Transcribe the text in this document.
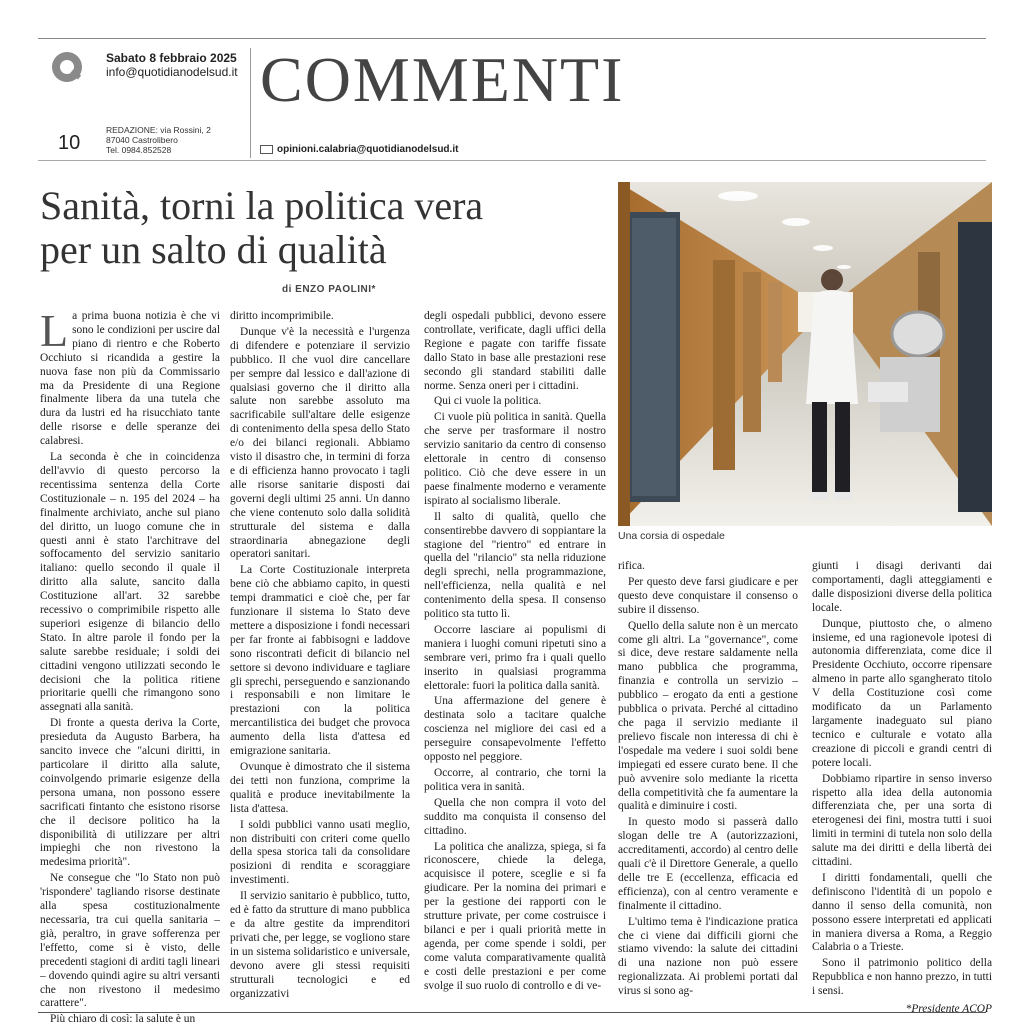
Sabato 8 febbraio 2025
info@quotidianodelsud.it
10
REDAZIONE: via Rossini, 2
87040 Castrolibero
Tel. 0984.852528
COMMENTI
opinioni.calabria@quotidianodelsud.it
Sanità, torni la politica vera
per un salto di qualità
di ENZO PAOLINI*
Una corsia di ospedale

La prima buona notizia è che vi sono le condizioni per uscire dal piano di rientro e che Roberto Occhiuto si ricandida a gestire la nuova fase non più da Commissario ma da Presidente di una Regione finalmente libera da una tutela che dura da lustri ed ha risucchiato tante delle risorse e delle speranze dei calabresi.

La seconda è che in coincidenza dell'avvio di questo percorso la recentissima sentenza della Corte Costituzionale – n. 195 del 2024 – ha finalmente archiviato, anche sul piano del diritto, un luogo comune che in questi anni è stato l'architrave del soffocamento del servizio sanitario italiano: quello secondo il quale il diritto alla salute, sancito dalla Costituzione all'art. 32 sarebbe recessivo o comprimibile rispetto alle superiori esigenze di bilancio dello Stato. In altre parole il fondo per la salute sarebbe residuale; i soldi dei cittadini vengono utilizzati secondo le decisioni che la politica ritiene prioritarie quelli che rimangono sono assegnati alla sanità.

Di fronte a questa deriva la Corte, presieduta da Augusto Barbera, ha sancito invece che "alcuni diritti, in particolare il diritto alla salute, coinvolgendo primarie esigenze della persona umana, non possono essere sacrificati fintanto che esistono risorse che il decisore politico ha la disponibilità di utilizzare per altri impieghi che non rivestono la medesima priorità".

Ne consegue che "lo Stato non può 'rispondere' tagliando risorse destinate alla spesa costituzionalmente necessaria, tra cui quella sanitaria – già, peraltro, in grave sofferenza per l'effetto, come si è visto, delle precedenti stagioni di arditi tagli lineari – dovendo quindi agire su altri versanti che non rivestono il medesimo carattere".

Più chiaro di così: la salute è un

diritto incomprimibile.

Dunque v'è la necessità e l'urgenza di difendere e potenziare il servizio pubblico. Il che vuol dire cancellare per sempre dal lessico e dall'azione di qualsiasi governo che il diritto alla salute non sarebbe assoluto ma sacrificabile sull'altare delle esigenze di contenimento della spesa dello Stato e/o dei bilanci regionali. Abbiamo visto il disastro che, in termini di forza e di efficienza hanno provocato i tagli alle risorse sanitarie disposti dai governi degli ultimi 25 anni. Un danno che viene contenuto solo dalla solidità strutturale del sistema e dalla straordinaria abnegazione degli operatori sanitari.

La Corte Costituzionale interpreta bene ciò che abbiamo capito, in questi tempi drammatici e cioè che, per far funzionare il sistema lo Stato deve mettere a disposizione i fondi necessari per far fronte ai fabbisogni e laddove sono riscontrati deficit di bilancio nel settore si devono individuare e tagliare gli sprechi, perseguendo e sanzionando i responsabili e non limitare le prestazioni con la politica mercantilistica dei budget che provoca aumento della lista d'attesa ed emigrazione sanitaria.

Ovunque è dimostrato che il sistema dei tetti non funziona, comprime la qualità e produce inevitabilmente la lista d'attesa.

I soldi pubblici vanno usati meglio, non distribuiti con criteri come quello della spesa storica tali da consolidare posizioni di rendita e scoraggiare investimenti.

Il servizio sanitario è pubblico, tutto, ed è fatto da strutture di mano pubblica e da altre gestite da imprenditori privati che, per legge, se vogliono stare in un sistema solidaristico e universale, devono avere gli stessi requisiti strutturali tecnologici e ed organizzativi

degli ospedali pubblici, devono essere controllate, verificate, dagli uffici della Regione e pagate con tariffe fissate dallo Stato in base alle prestazioni rese secondo gli standard stabiliti dalle norme. Senza oneri per i cittadini.

Qui ci vuole la politica.

Ci vuole più politica in sanità. Quella che serve per trasformare il nostro servizio sanitario da centro di consenso elettorale in centro di consenso politico. Ciò che deve essere in un paese finalmente moderno e veramente ispirato al socialismo liberale.

Il salto di qualità, quello che consentirebbe davvero di soppiantare la stagione del "rientro" ed entrare in quella del "rilancio" sta nella riduzione degli sprechi, nella programmazione, nell'efficienza, nella qualità e nel contenimento della spesa. Il consenso politico sta tutto lì.

Occorre lasciare ai populismi di maniera i luoghi comuni ripetuti sino a sembrare veri, primo fra i quali quello inserito in qualsiasi programma elettorale: fuori la politica dalla sanità.

Una affermazione del genere è destinata solo a tacitare qualche coscienza nel migliore dei casi ed a perseguire consapevolmente l'effetto opposto nel peggiore.

Occorre, al contrario, che torni la politica vera in sanità.

Quella che non compra il voto del suddito ma conquista il consenso del cittadino.

La politica che analizza, spiega, si fa riconoscere, chiede la delega, acquisisce il potere, sceglie e si fa giudicare. Per la nomina dei primari e per la gestione dei rapporti con le strutture private, per come costruisce i bilanci e per i quali priorità mette in agenda, per come spende i soldi, per come valuta comparativamente qualità e costi delle prestazioni e per come svolge il suo ruolo di controllo e di ve-

rifica.

Per questo deve farsi giudicare e per questo deve conquistare il consenso o subire il dissenso.

Quello della salute non è un mercato come gli altri. La "governance", come si dice, deve restare saldamente nella mano pubblica che programma, finanzia e controlla un servizio – pubblico – erogato da enti a gestione pubblica o privata. Perché al cittadino che paga il servizio mediante il prelievo fiscale non interessa di chi è l'ospedale ma vedere i suoi soldi bene impiegati ed essere curato bene. Il che può avvenire solo mediante la ricetta della competitività che fa aumentare la qualità e diminuire i costi.

In questo modo si passerà dallo slogan delle tre A (autorizzazioni, accreditamenti, accordo) al centro delle quali c'è il Direttore Generale, a quello delle tre E (eccellenza, efficacia ed efficienza), con al centro veramente e finalmente il cittadino.

L'ultimo tema è l'indicazione pratica che ci viene dai difficili giorni che stiamo vivendo: la salute dei cittadini di una nazione non può essere regionalizzata. Ai problemi portati dal virus si sono ag-

giunti i disagi derivanti dai comportamenti, dagli atteggiamenti e dalle disposizioni diverse della politica locale.

Dunque, piuttosto che, o almeno insieme, ed una ragionevole ipotesi di autonomia differenziata, come dice il Presidente Occhiuto, occorre ripensare almeno in parte allo sgangherato titolo V della Costituzione così come modificato da un Parlamento largamente inadeguato sul piano tecnico e culturale e votato alla creazione di piccoli e grandi centri di potere locali.

Dobbiamo ripartire in senso inverso rispetto alla idea della autonomia differenziata che, per una sorta di eterogenesi dei fini, mostra tutti i suoi limiti in termini di tutela non solo della salute ma dei diritti e della libertà dei cittadini.

I diritti fondamentali, quelli che definiscono l'identità di un popolo e danno il senso della comunità, non possono essere interpretati ed applicati in maniera diversa a Roma, a Reggio Calabria o a Trieste.

Sono il patrimonio politico della Repubblica e non hanno prezzo, in tutti i sensi.

*Presidente ACOP
